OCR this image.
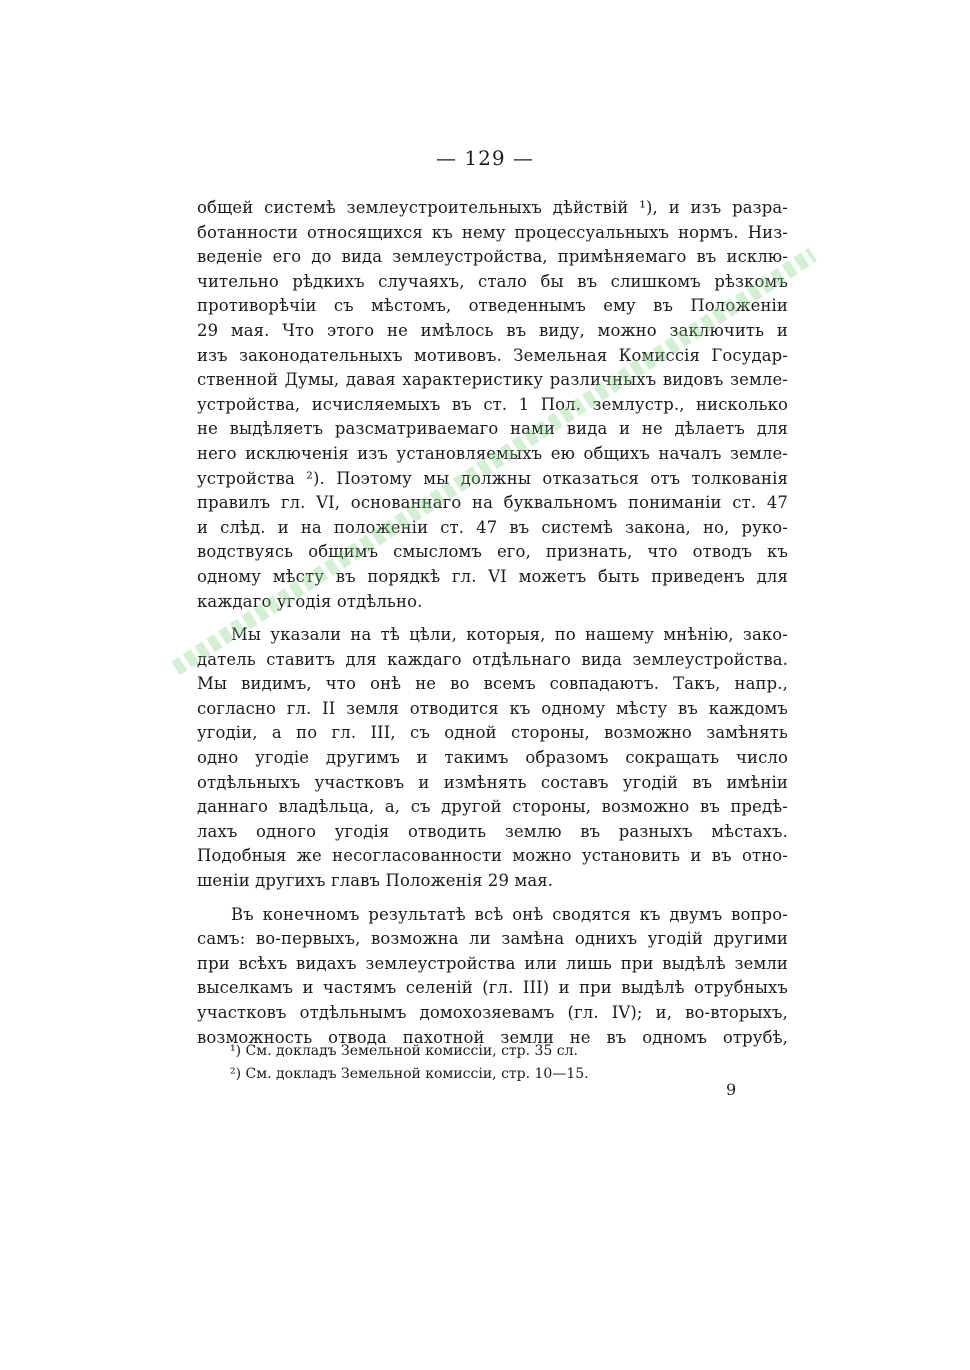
— 129 —
общей системѣ землеустроительныхъ дѣйствій ¹), и изъ разра-
ботанности относящихся къ нему процессуальныхъ нормъ. Низ-
веденіе его до вида землеустройства, примѣняемаго въ исклю-
чительно рѣдкихъ случаяхъ, стало бы въ слишкомъ рѣзкомъ
противорѣчіи съ мѣстомъ, отведеннымъ ему въ Положеніи
29 мая. Что этого не имѣлось въ виду, можно заключить и
изъ законодательныхъ мотивовъ. Земельная Комиссія Государ-
ственной Думы, давая характеристику различныхъ видовъ земле-
устройства, исчисляемыхъ въ ст. 1 Пол. землустр., нисколько
не выдѣляетъ разсматриваемаго нами вида и не дѣлаетъ для
него исключенія изъ установляемыхъ ею общихъ началъ земле-
устройства ²). Поэтому мы должны отказаться отъ толкованія
правилъ гл. VI, основаннаго на буквальномъ пониманіи ст. 47
и слѣд. и на положеніи ст. 47 въ системѣ закона, но, руко-
водствуясь общимъ смысломъ его, признать, что отводъ къ
одному мѣсту въ порядкѣ гл. VI можетъ быть приведенъ для
каждаго угодія отдѣльно.
Мы указали на тѣ цѣли, которыя, по нашему мнѣнію, зако-
датель ставитъ для каждаго отдѣльнаго вида землеустройства.
Мы видимъ, что онѣ не во всемъ совпадаютъ. Такъ, напр.,
согласно гл. II земля отводится къ одному мѣсту въ каждомъ
угодіи, а по гл. III, съ одной стороны, возможно замѣнять
одно угодіе другимъ и такимъ образомъ сокращать число
отдѣльныхъ участковъ и измѣнять составъ угодій въ имѣніи
даннаго владѣльца, а, съ другой стороны, возможно въ предѣ-
лахъ одного угодія отводить землю въ разныхъ мѣстахъ.
Подобныя же несогласованности можно установить и въ отно-
шеніи другихъ главъ Положенія 29 мая.
Въ конечномъ результатѣ всѣ онѣ сводятся къ двумъ вопро-
самъ: во-первыхъ, возможна ли замѣна однихъ угодій другими
при всѣхъ видахъ землеустройства или лишь при выдѣлѣ земли
выселкамъ и частямъ селеній (гл. III) и при выдѣлѣ отрубныхъ
участковъ отдѣльнымъ домохозяевамъ (гл. IV); и, во-вторыхъ,
возможность отвода пахотной земли не въ одномъ отрубѣ,
¹) См. докладъ Земельной комиссіи, стр. 35 сл.
²) См. докладъ Земельной комиссіи, стр. 10—15.
9
